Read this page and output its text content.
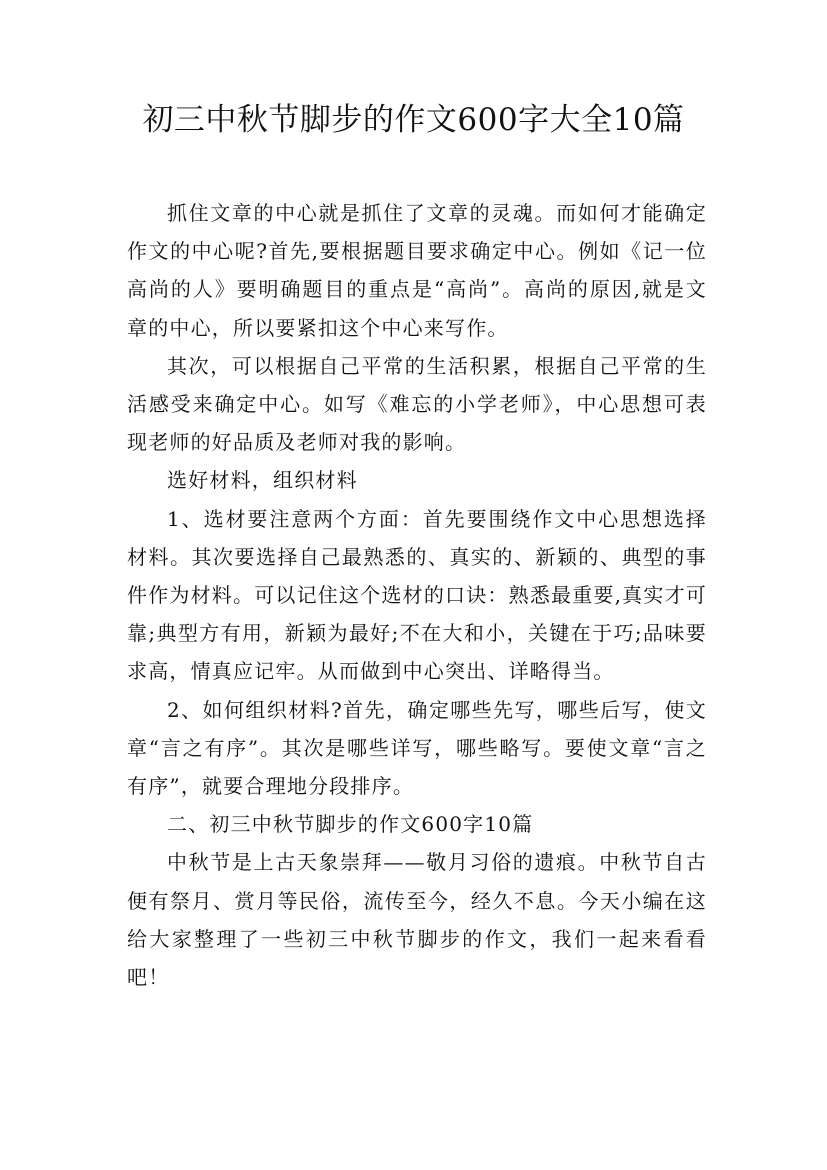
初三中秋节脚步的作文600字大全10篇

抓住文章的中心就是抓住了文章的灵魂。而如何才能确定作文的中心呢?首先,要根据题目要求确定中心。例如《记一位高尚的人》要明确题目的重点是“高尚”。高尚的原因,就是文章的中心，所以要紧扣这个中心来写作。

其次，可以根据自己平常的生活积累，根据自己平常的生活感受来确定中心。如写《难忘的小学老师》，中心思想可表现老师的好品质及老师对我的影响。

选好材料，组织材料

1、选材要注意两个方面：首先要围绕作文中心思想选择材料。其次要选择自己最熟悉的、真实的、新颖的、典型的事件作为材料。可以记住这个选材的口诀：熟悉最重要,真实才可靠;典型方有用，新颖为最好;不在大和小，关键在于巧;品味要求高，情真应记牢。从而做到中心突出、详略得当。

2、如何组织材料?首先，确定哪些先写，哪些后写，使文章“言之有序”。其次是哪些详写，哪些略写。要使文章“言之有序”，就要合理地分段排序。

二、初三中秋节脚步的作文600字10篇

中秋节是上古天象崇拜——敬月习俗的遗痕。中秋节自古便有祭月、赏月等民俗，流传至今，经久不息。今天小编在这给大家整理了一些初三中秋节脚步的作文，我们一起来看看吧！
